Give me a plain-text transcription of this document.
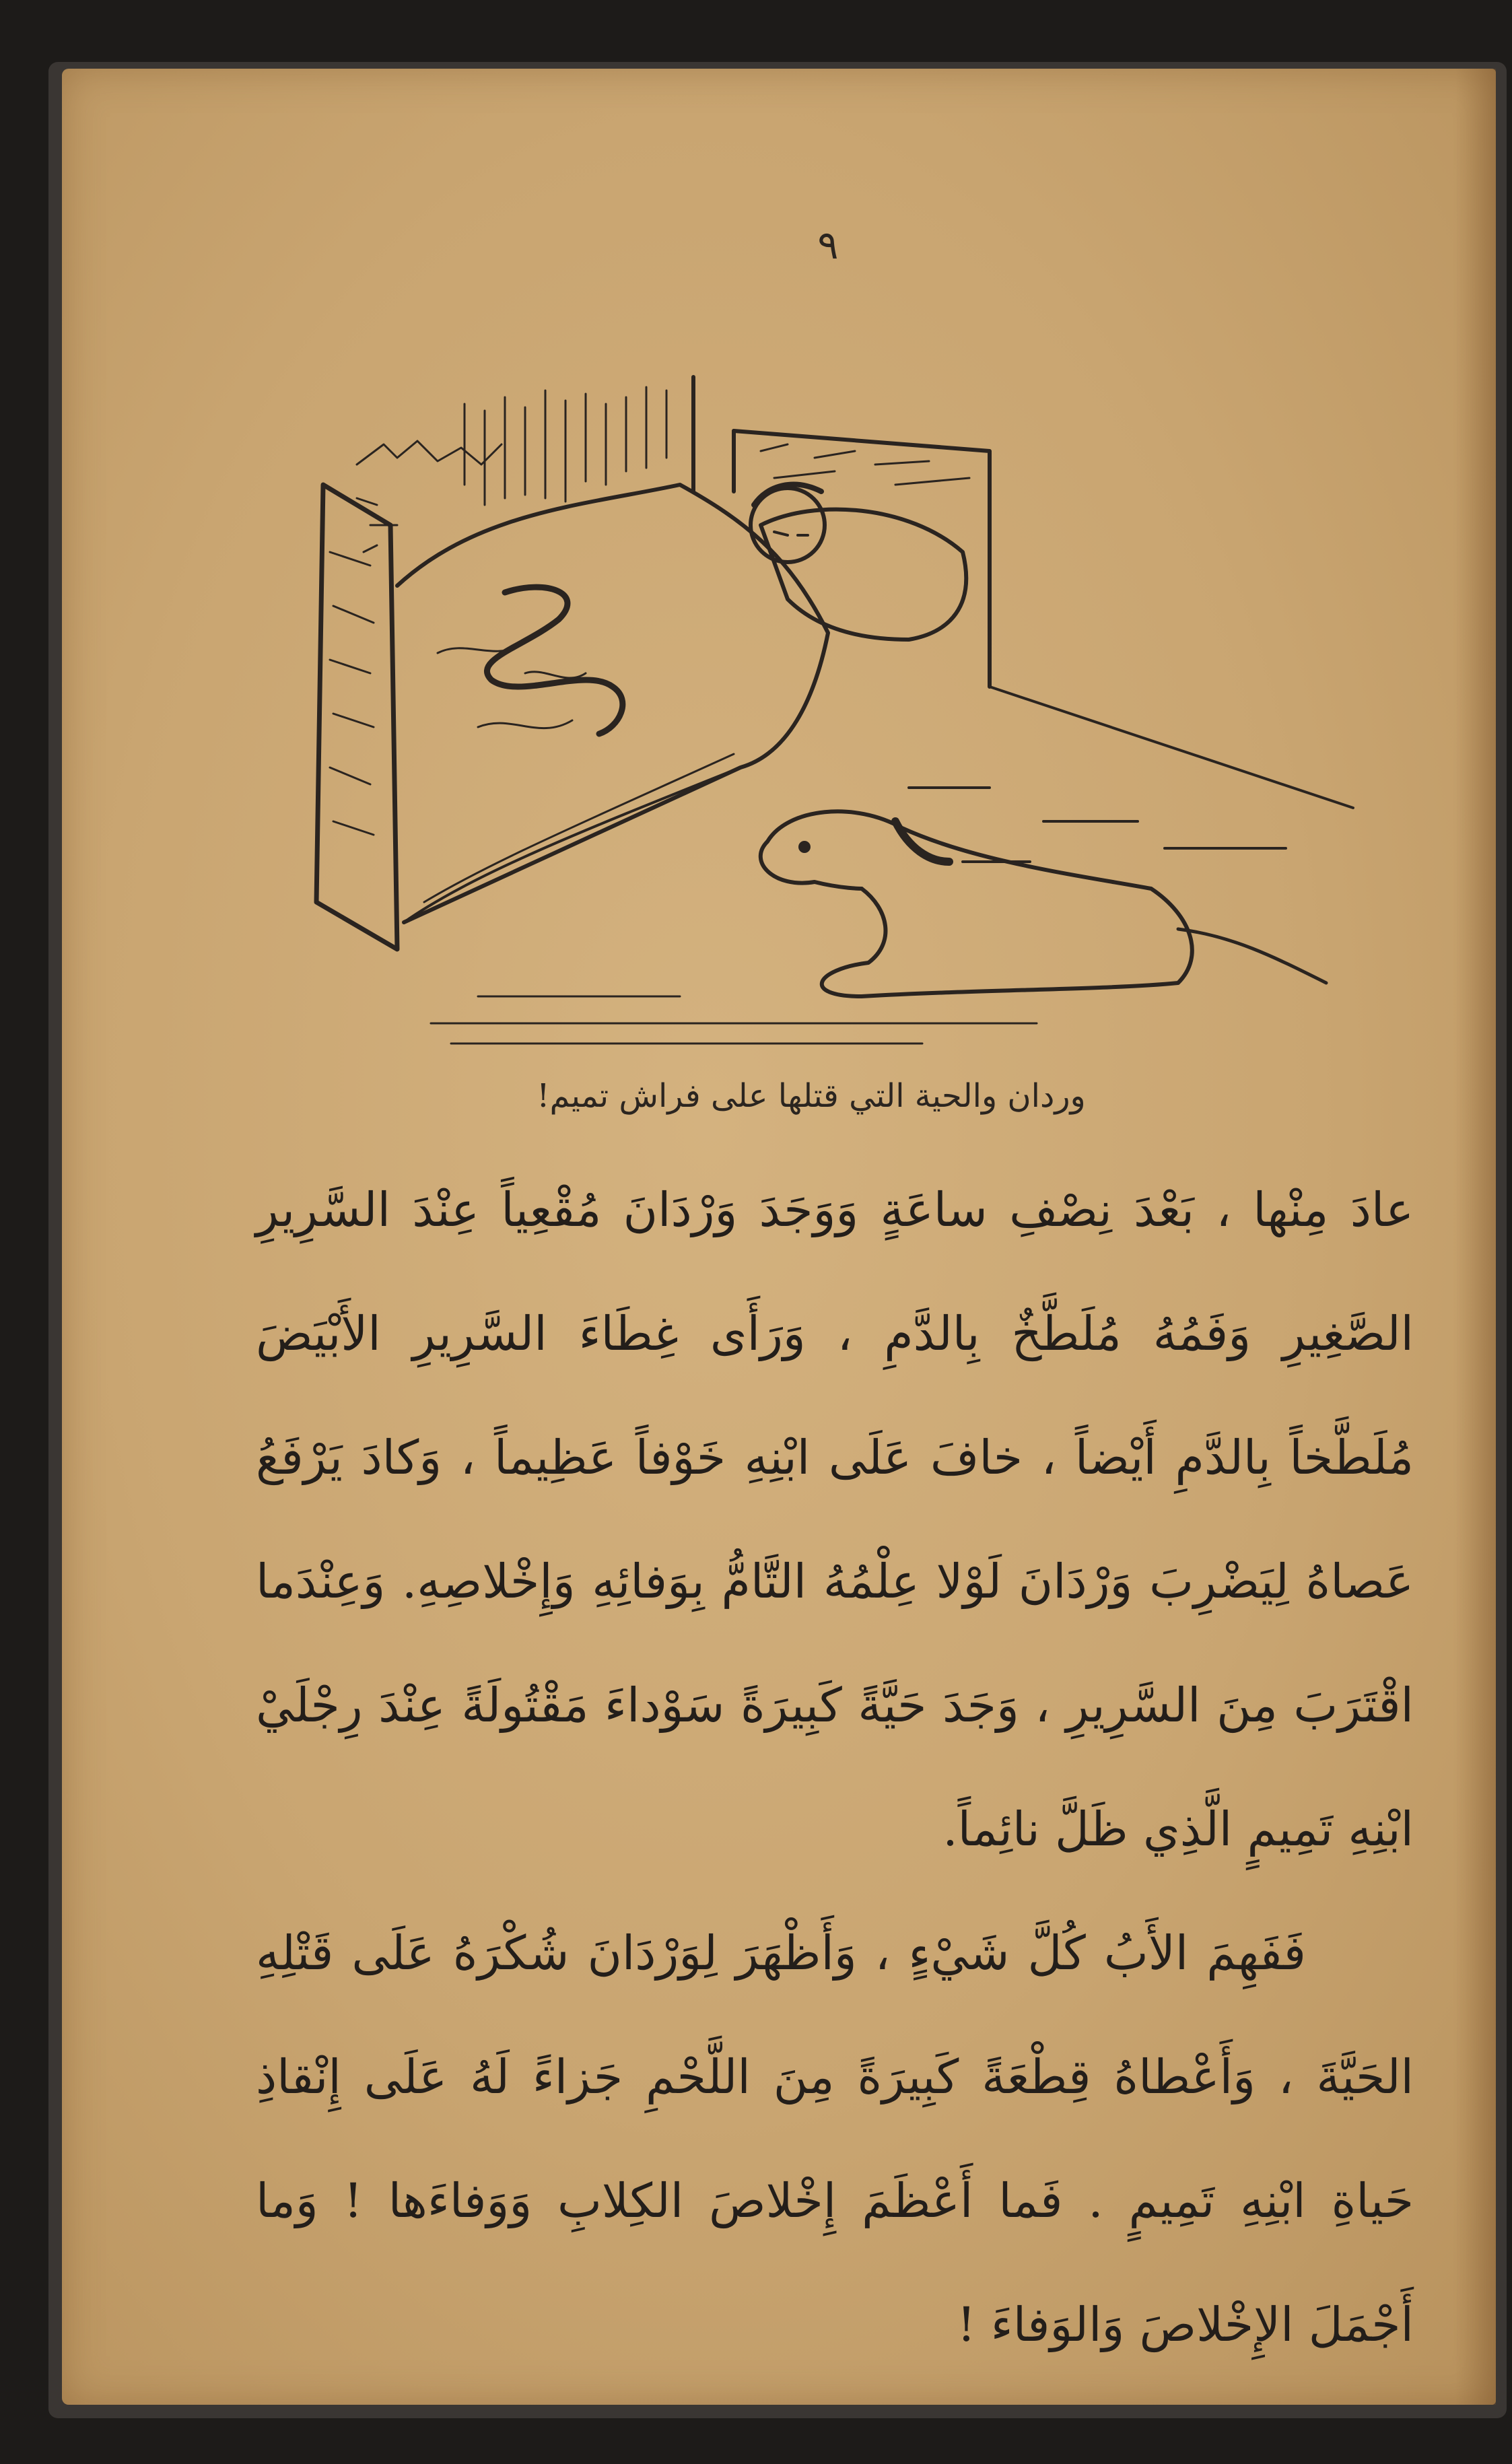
٩
وردان والحية التي قتلها على فراش تميم!

عادَ مِنْها ، بَعْدَ نِصْفِ ساعَةٍ وَوَجَدَ وَرْدَانَ مُقْعِياً عِنْدَ السَّرِيرِ الصَّغِيرِ وَفَمُهُ مُلَطَّخٌ بِالدَّمِ ، وَرَأَى غِطَاءَ السَّرِيرِ الأَبْيَضَ مُلَطَّخاً بِالدَّمِ أَيْضاً ، خافَ عَلَى ابْنِهِ خَوْفاً عَظِيماً ، وَكادَ يَرْفَعُ عَصاهُ لِيَضْرِبَ وَرْدَانَ لَوْلا عِلْمُهُ التَّامُّ بِوَفائِهِ وَإِخْلاصِهِ. وَعِنْدَما اقْتَرَبَ مِنَ السَّرِيرِ ، وَجَدَ حَيَّةً كَبِيرَةً سَوْداءَ مَقْتُولَةً عِنْدَ رِجْلَيْ ابْنِهِ تَمِيمٍ الَّذِي ظَلَّ نائِماً.

فَفَهِمَ الأَبُ كُلَّ شَيْءٍ ، وَأَظْهَرَ لِوَرْدَانَ شُكْرَهُ عَلَى قَتْلِهِ الحَيَّةَ ، وَأَعْطاهُ قِطْعَةً كَبِيرَةً مِنَ اللَّحْمِ جَزاءً لَهُ عَلَى إِنْقاذِ حَياةِ ابْنِهِ تَمِيمٍ . فَما أَعْظَمَ إِخْلاصَ الكِلابِ وَوَفاءَها ! وَما أَجْمَلَ الإِخْلاصَ وَالوَفاءَ !
